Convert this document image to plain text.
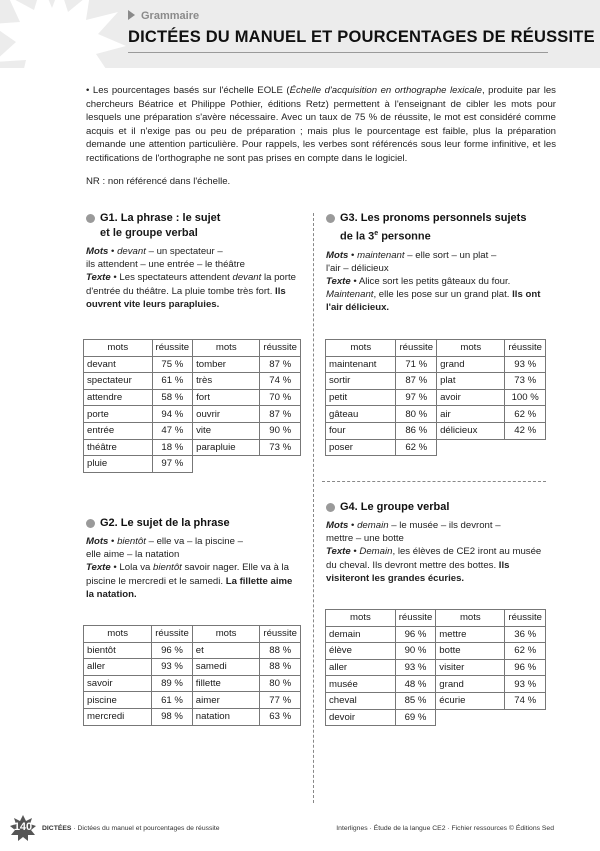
Grammaire
DICTÉES DU MANUEL ET POURCENTAGES DE RÉUSSITE
• Les pourcentages basés sur l'échelle EOLE (Échelle d'acquisition en orthographe lexicale, produite par les chercheurs Béatrice et Philippe Pothier, éditions Retz) permettent à l'enseignant de cibler les mots pour lesquels une préparation s'avère nécessaire. Avec un taux de 75 % de réussite, le mot est considéré comme acquis et il n'exige pas ou peu de préparation ; mais plus le pourcentage est faible, plus la préparation demande une attention particulière. Pour rappels, les verbes sont référencés sous leur forme infinitive, et les rectifications de l'orthographe ne sont pas prises en compte dans le logiciel.
NR : non référencé dans l'échelle.
G1. La phrase : le sujet
et le groupe verbal
Mots • devant – un spectateur –
ils attendent – une entrée – le théâtre
Texte • Les spectateurs attendent devant la porte d'entrée du théâtre. La pluie tombe très fort. Ils ouvrent vite leurs parapluies.
mots	réussite	mots	réussite
devant	75 %	tomber	87 %
spectateur	61 %	très	74 %
attendre	58 %	fort	70 %
porte	94 %	ouvrir	87 %
entrée	47 %	vite	90 %
théâtre	18 %	parapluie	73 %
pluie	97 %		
G2. Le sujet de la phrase
Mots • bientôt – elle va – la piscine –
elle aime – la natation
Texte • Lola va bientôt savoir nager. Elle va à la piscine le mercredi et le samedi. La fillette aime la natation.
mots	réussite	mots	réussite
bientôt	96 %	et	88 %
aller	93 %	samedi	88 %
savoir	89 %	fillette	80 %
piscine	61 %	aimer	77 %
mercredi	98 %	natation	63 %
G3. Les pronoms personnels sujets
de la 3e personne
Mots • maintenant – elle sort – un plat –
l'air – délicieux
Texte • Alice sort les petits gâteaux du four. Maintenant, elle les pose sur un grand plat. Ils ont l'air délicieux.
mots	réussite	mots	réussite
maintenant	71 %	grand	93 %
sortir	87 %	plat	73 %
petit	97 %	avoir	100 %
gâteau	80 %	air	62 %
four	86 %	délicieux	42 %
poser	62 %		
G4. Le groupe verbal
Mots • demain – le musée – ils devront –
mettre – une botte
Texte • Demain, les élèves de CE2 iront au musée du cheval. Ils devront mettre des bottes. Ils visiteront les grandes écuries.
mots	réussite	mots	réussite
demain	96 %	mettre	36 %
élève	90 %	botte	62 %
aller	93 %	visiter	96 %
musée	48 %	grand	93 %
cheval	85 %	écurie	74 %
devoir	69 %		
140	DICTÉES · Dictées du manuel et pourcentages de réussite	Interlignes · Étude de la langue CE2 · Fichier ressources © Éditions Sed
